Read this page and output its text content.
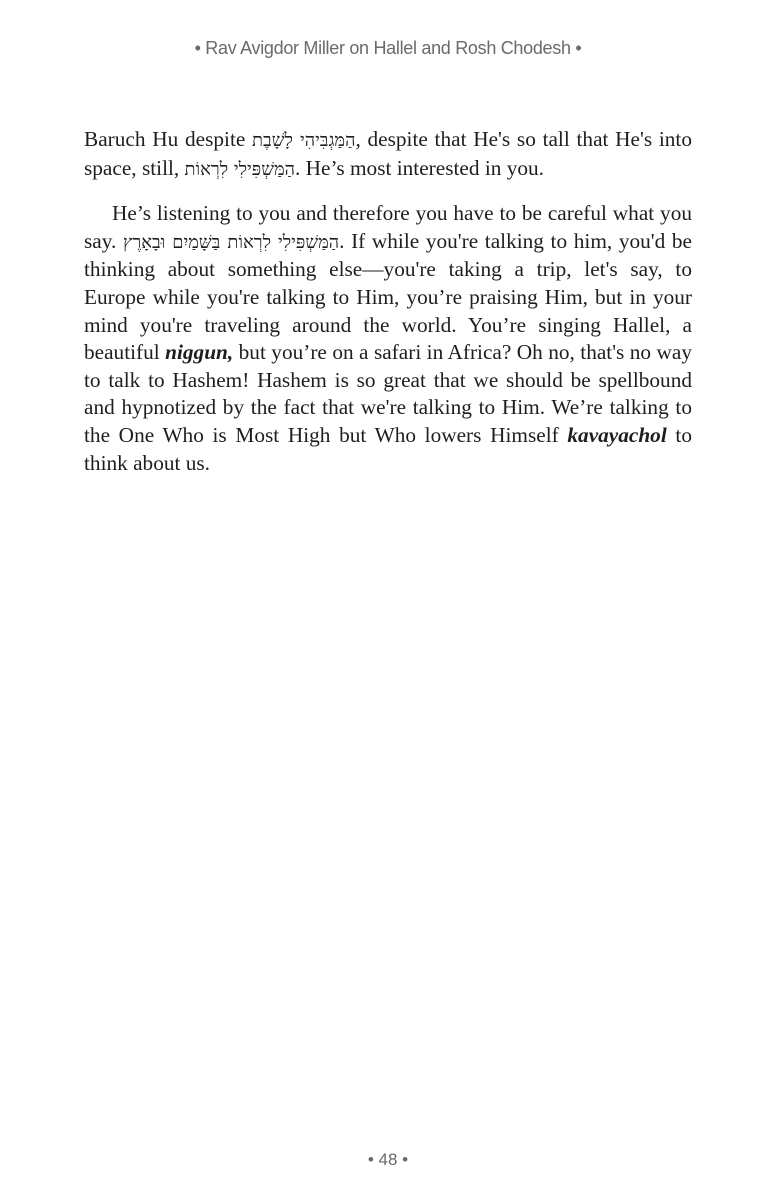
• Rav Avigdor Miller on Hallel and Rosh Chodesh •

Baruch Hu despite הַמַּגְבִּיהִי לָשָׁבֶת, despite that He's so tall that He's into space, still, הַמַּשְׁפִּילִי לִרְאוֹת. He’s most interested in you.

He’s listening to you and therefore you have to be careful what you say. הַמַּשְׁפִּילִי לִרְאוֹת בַּשָּׁמַיִם וּבָאָרֶץ. If while you're talking to him, you'd be thinking about something else—you're taking a trip, let's say, to Europe while you're talking to Him, you’re praising Him, but in your mind you're traveling around the world. You’re singing Hallel, a beautiful niggun, but you’re on a safari in Africa? Oh no, that's no way to talk to Hashem! Hashem is so great that we should be spellbound and hypnotized by the fact that we're talking to Him. We’re talking to the One Who is Most High but Who lowers Himself kavayachol to think about us.

• 48 •
